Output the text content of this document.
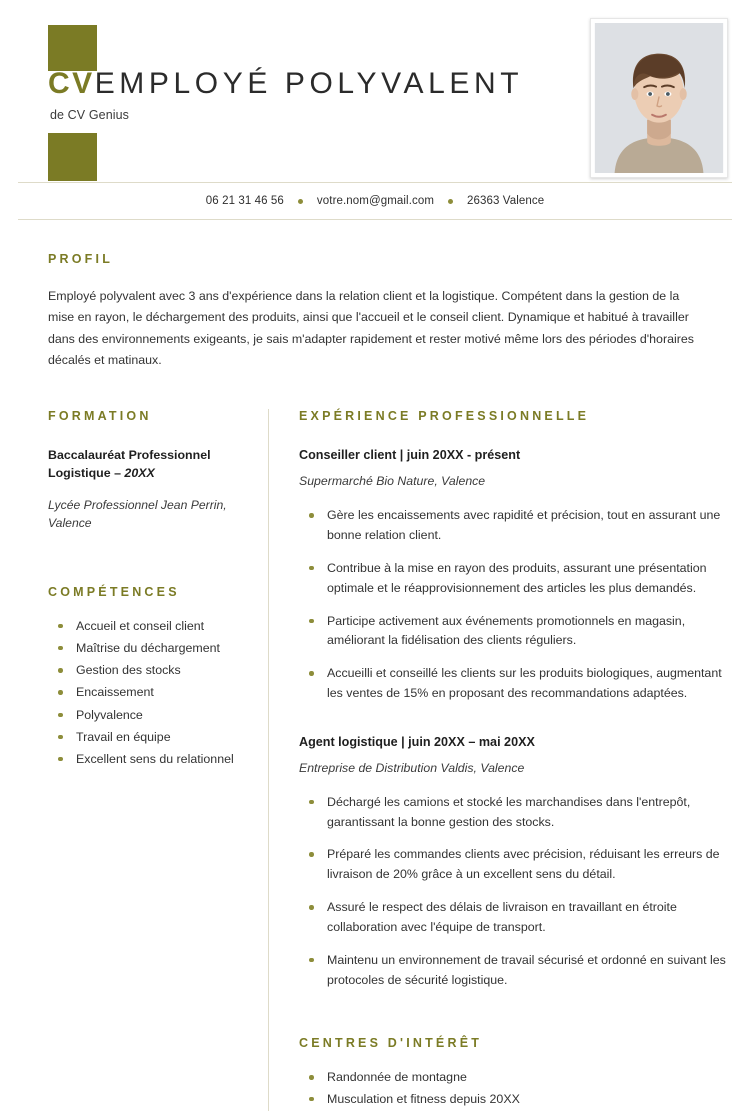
CVEMPLOYÉ POLYVALENT
de CV Genius
06 21 31 46 56	votre.nom@gmail.com	26363 Valence
PROFIL

Employé polyvalent avec 3 ans d'expérience dans la relation client et la logistique. Compétent dans la gestion de la mise en rayon, le déchargement des produits, ainsi que l'accueil et le conseil client. Dynamique et habitué à travailler dans des environnements exigeants, je sais m'adapter rapidement et rester motivé même lors des périodes d'horaires décalés et matinaux.

FORMATION

Baccalauréat Professionnel Logistique – 20XX

Lycée Professionnel Jean Perrin, Valence

COMPÉTENCES
Accueil et conseil client
Maîtrise du déchargement
Gestion des stocks
Encaissement
Polyvalence
Travail en équipe
Excellent sens du relationnel
EXPÉRIENCE PROFESSIONNELLE

Conseiller client | juin 20XX - présent

Supermarché Bio Nature, Valence

Gère les encaissements avec rapidité et précision, tout en assurant une bonne relation client.
Contribue à la mise en rayon des produits, assurant une présentation optimale et le réapprovisionnement des articles les plus demandés.
Participe activement aux événements promotionnels en magasin, améliorant la fidélisation des clients réguliers.
Accueilli et conseillé les clients sur les produits biologiques, augmentant les ventes de 15% en proposant des recommandations adaptées.

Agent logistique | juin 20XX – mai 20XX

Entreprise de Distribution Valdis, Valence

Déchargé les camions et stocké les marchandises dans l'entrepôt, garantissant la bonne gestion des stocks.
Préparé les commandes clients avec précision, réduisant les erreurs de livraison de 20% grâce à un excellent sens du détail.
Assuré le respect des délais de livraison en travaillant en étroite collaboration avec l'équipe de transport.
Maintenu un environnement de travail sécurisé et ordonné en suivant les protocoles de sécurité logistique.
CENTRES D'INTÉRÊT
Randonnée de montagne
Musculation et fitness depuis 20XX
